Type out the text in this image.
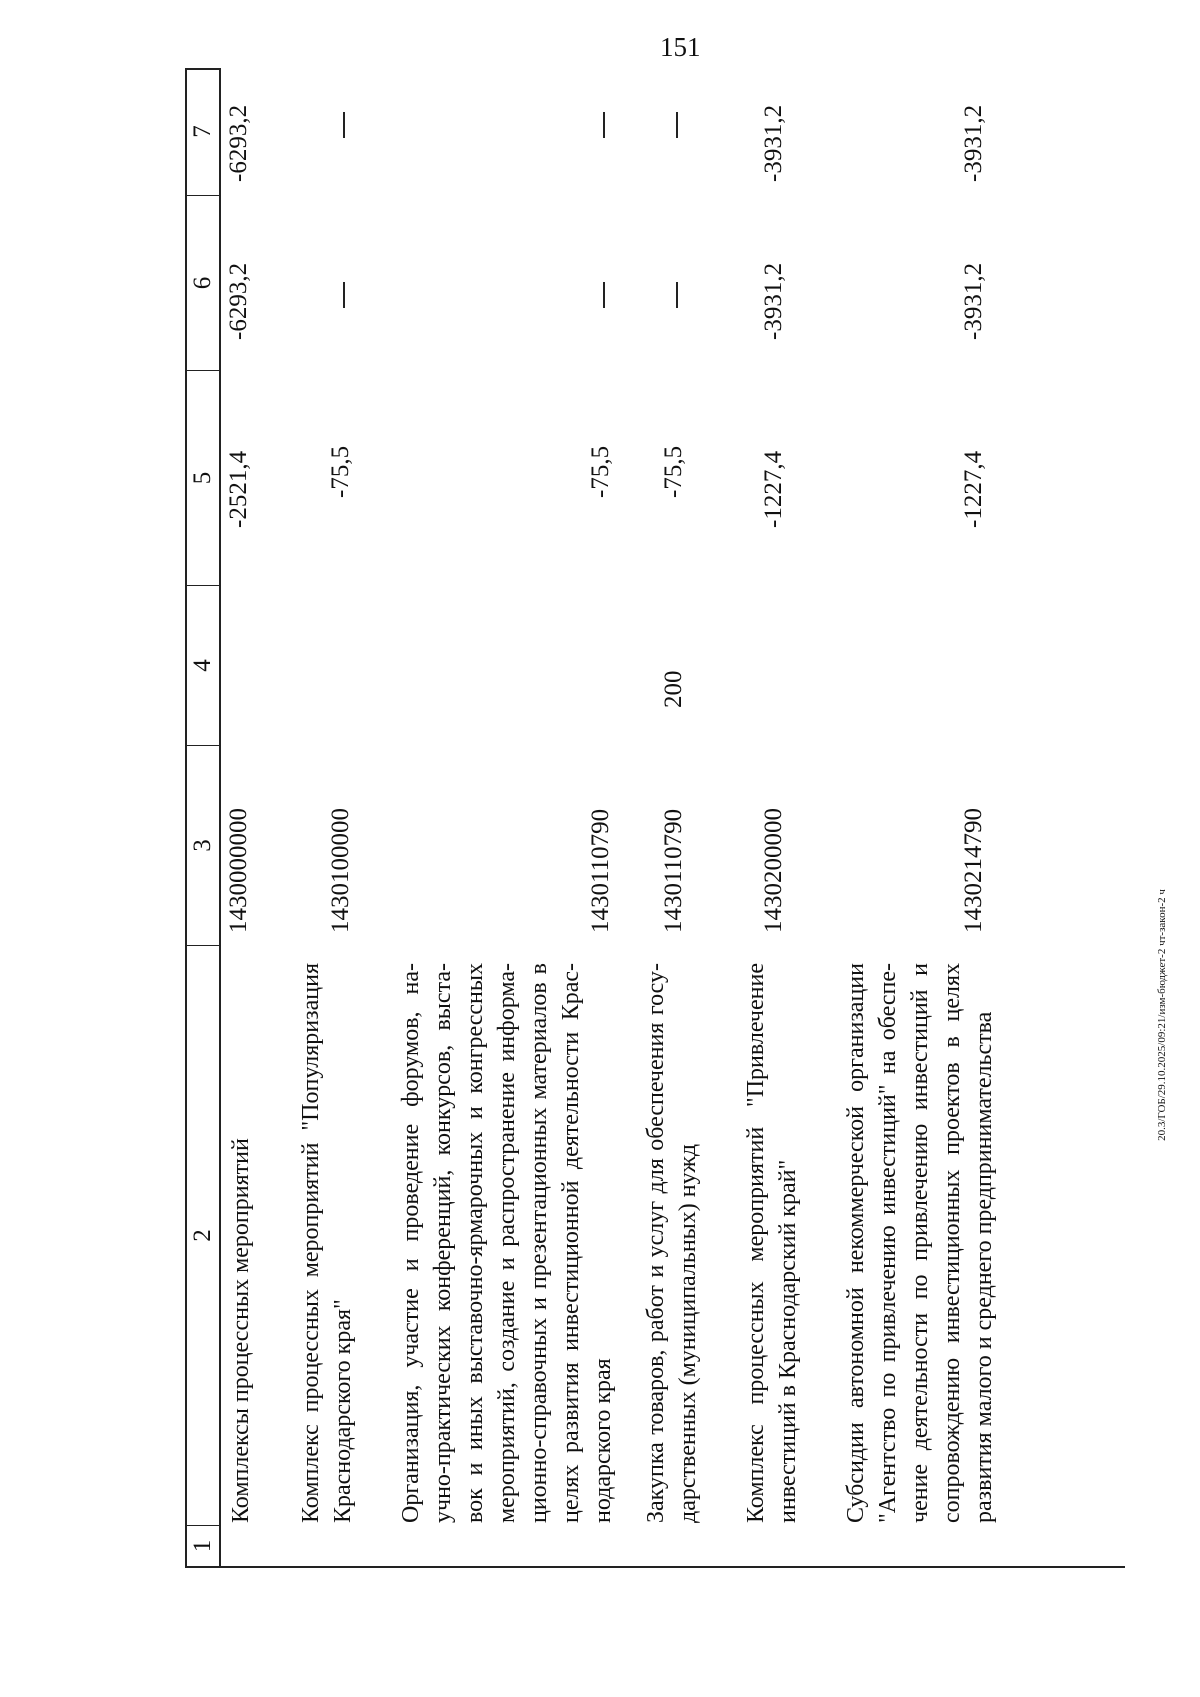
151
20.3/ГОБ/29.10.2025/09:21/изм-бюджет-2 чт-закон-2 ч
1
2
3
4
5
6
7
Комплексы процессных мероприятий
1430000000
-2521,4
-6293,2
-6293,2
Комплекс процессных мероприятий "Популяризация Краснодарского края"
1430100000
-75,5
Организация, участие и проведение форумов, на- учно-практических конференций, конкурсов, выста- вок и иных выставочно-ярмарочных и конгрессных мероприятий, создание и распространение информа- ционно-справочных и презентационных материалов в целях развития инвестиционной деятельности Крас- нодарского края
1430110790
-75,5
Закупка товаров, работ и услуг для обеспечения госу- дарственных (муниципальных) нужд
1430110790
200
-75,5
Комплекс процессных мероприятий "Привлечение инвестиций в Краснодарский край"
1430200000
-1227,4
-3931,2
-3931,2
Субсидии автономной некоммерческой организации "Агентство по привлечению инвестиций" на обеспе- чение деятельности по привлечению инвестиций и сопровождению инвестиционных проектов в целях развития малого и среднего предпринимательства
1430214790
-1227,4
-3931,2
-3931,2
